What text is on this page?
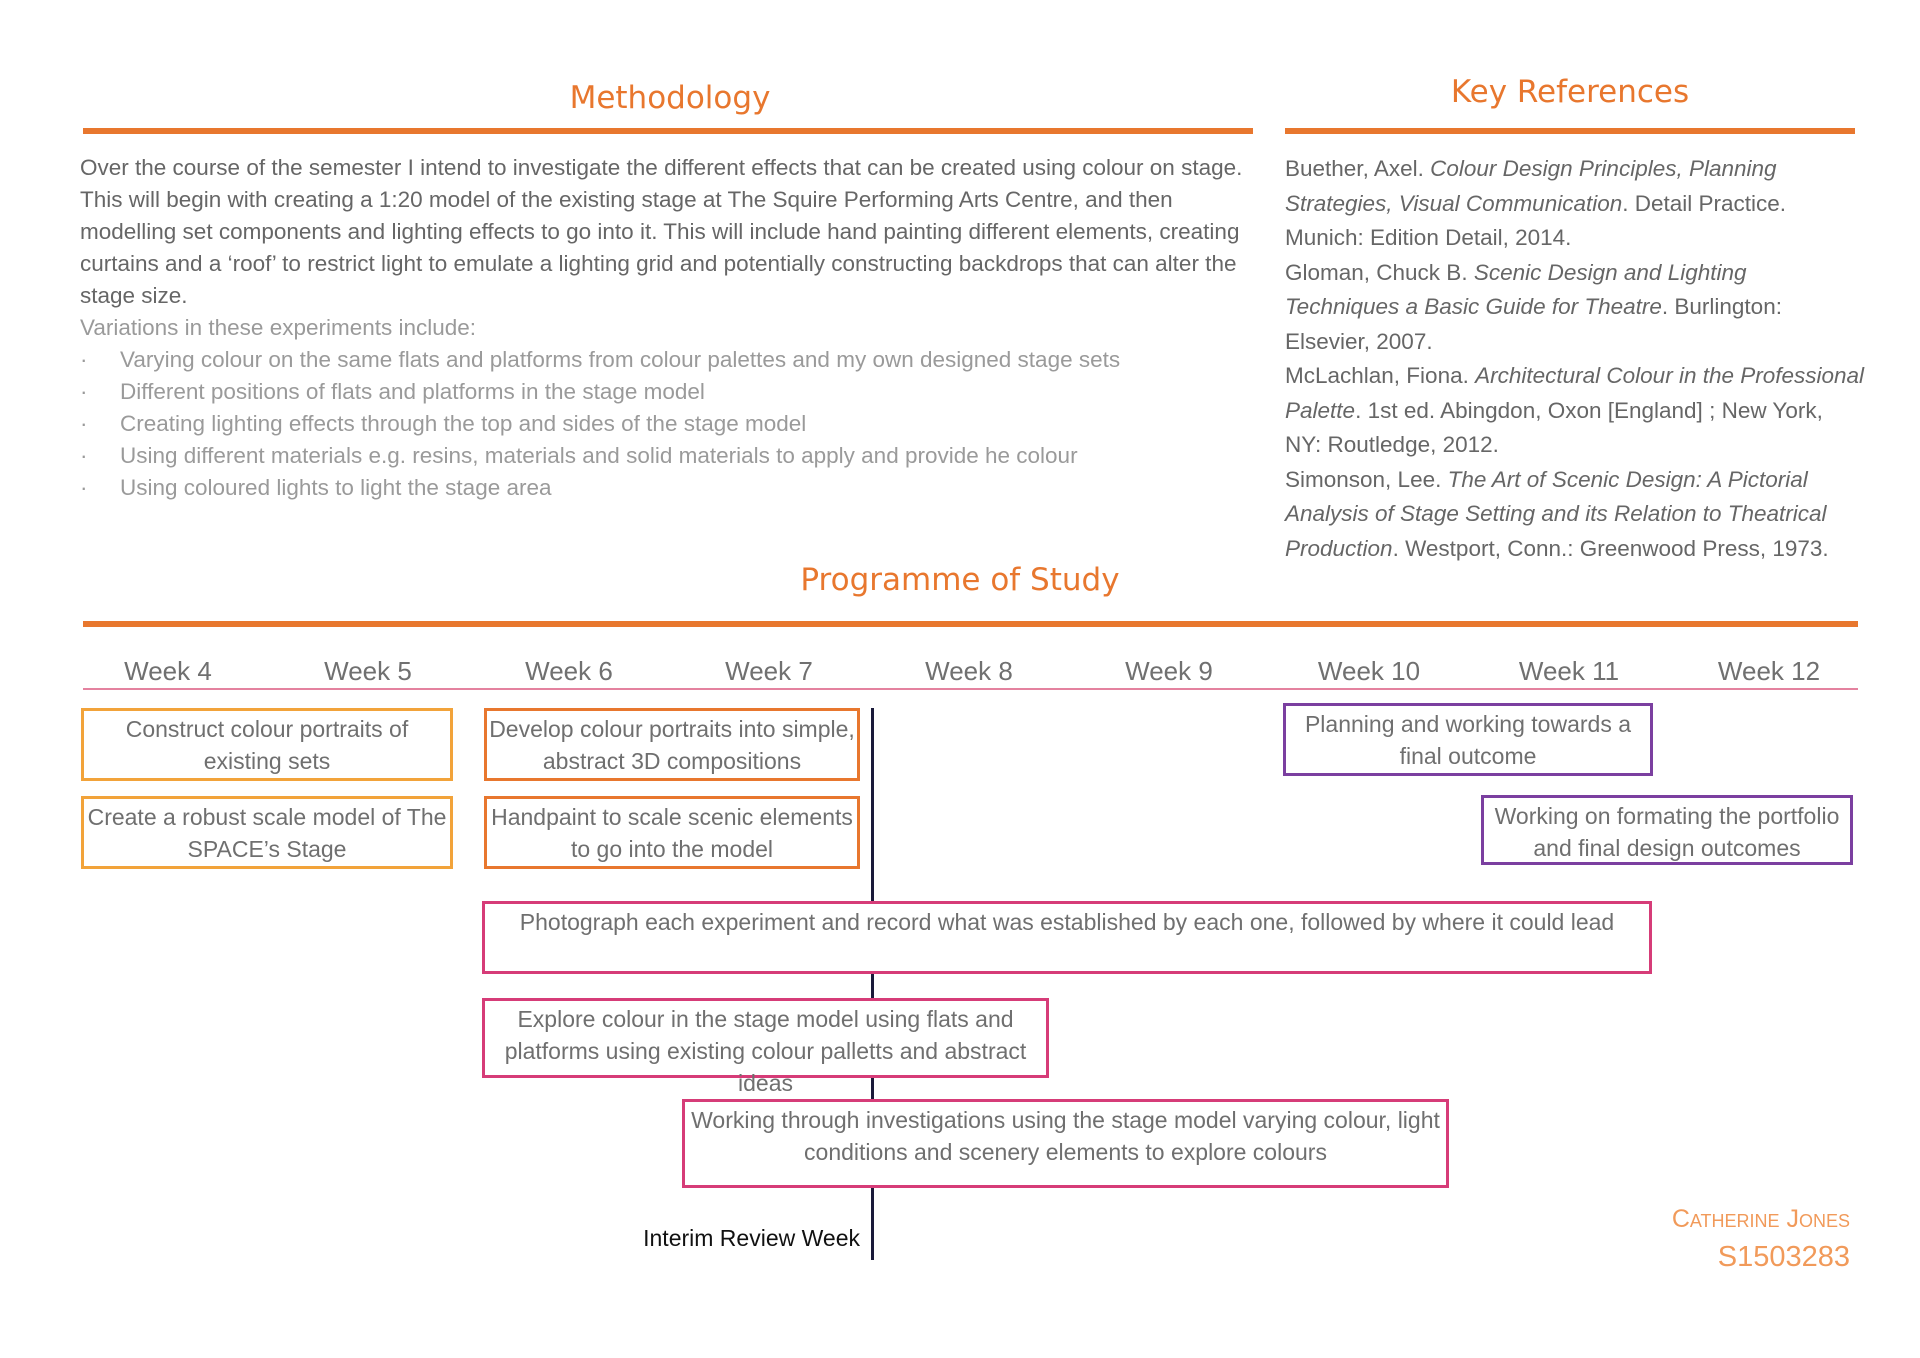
Methodology
Over the course of the semester I intend to investigate the different effects that can be created using colour on stage. This will begin with creating a 1:20 model of the existing stage at The Squire Performing Arts Centre, and then modelling set components and lighting effects to go into it. This will include hand painting different elements, creating curtains and a ‘roof’ to restrict light to emulate a lighting grid and potentially constructing backdrops that can alter the stage size.
Variations in these experiments include:
·	Varying colour on the same flats and platforms from colour palettes and my own designed stage sets
·	Different positions of flats and platforms in the stage model
·	Creating lighting effects through the top and sides of the stage model
·	Using different materials e.g. resins, materials and solid materials to apply and provide he colour
·	Using coloured lights to light the stage area
Key References
Buether, Axel. Colour Design Principles, Planning Strategies, Visual Communication. Detail Practice. Munich: Edition Detail, 2014.
Gloman, Chuck B. Scenic Design and Lighting Techniques a Basic Guide for Theatre. Burlington: Elsevier, 2007.
McLachlan, Fiona. Architectural Colour in the Professional Palette. 1st ed. Abingdon, Oxon [England] ; New York, NY: Routledge, 2012.
Simonson, Lee. The Art of Scenic Design: A Pictorial Analysis of Stage Setting and its Relation to Theatrical Production. Westport, Conn.: Greenwood Press, 1973.
Programme of Study
Week 4	Week 5	Week 6	Week 7	Week 8	Week 9	Week 10	Week 11	Week 12
Interim Review Week
Construct colour portraits of existing sets
Create a robust scale model of The SPACE’s Stage
Develop colour portraits into simple, abstract 3D compositions
Handpaint to scale scenic elements to go into the model
Planning and working towards a final outcome
Working on formating the portfolio and final design outcomes
Photograph each experiment and record what was established by each one, followed by where it could lead
Explore colour in the stage model using flats and platforms using existing colour palletts and abstract ideas
Working through investigations using the stage model varying colour, light conditions and scenery elements to explore colours
Catherine Jones
S1503283
